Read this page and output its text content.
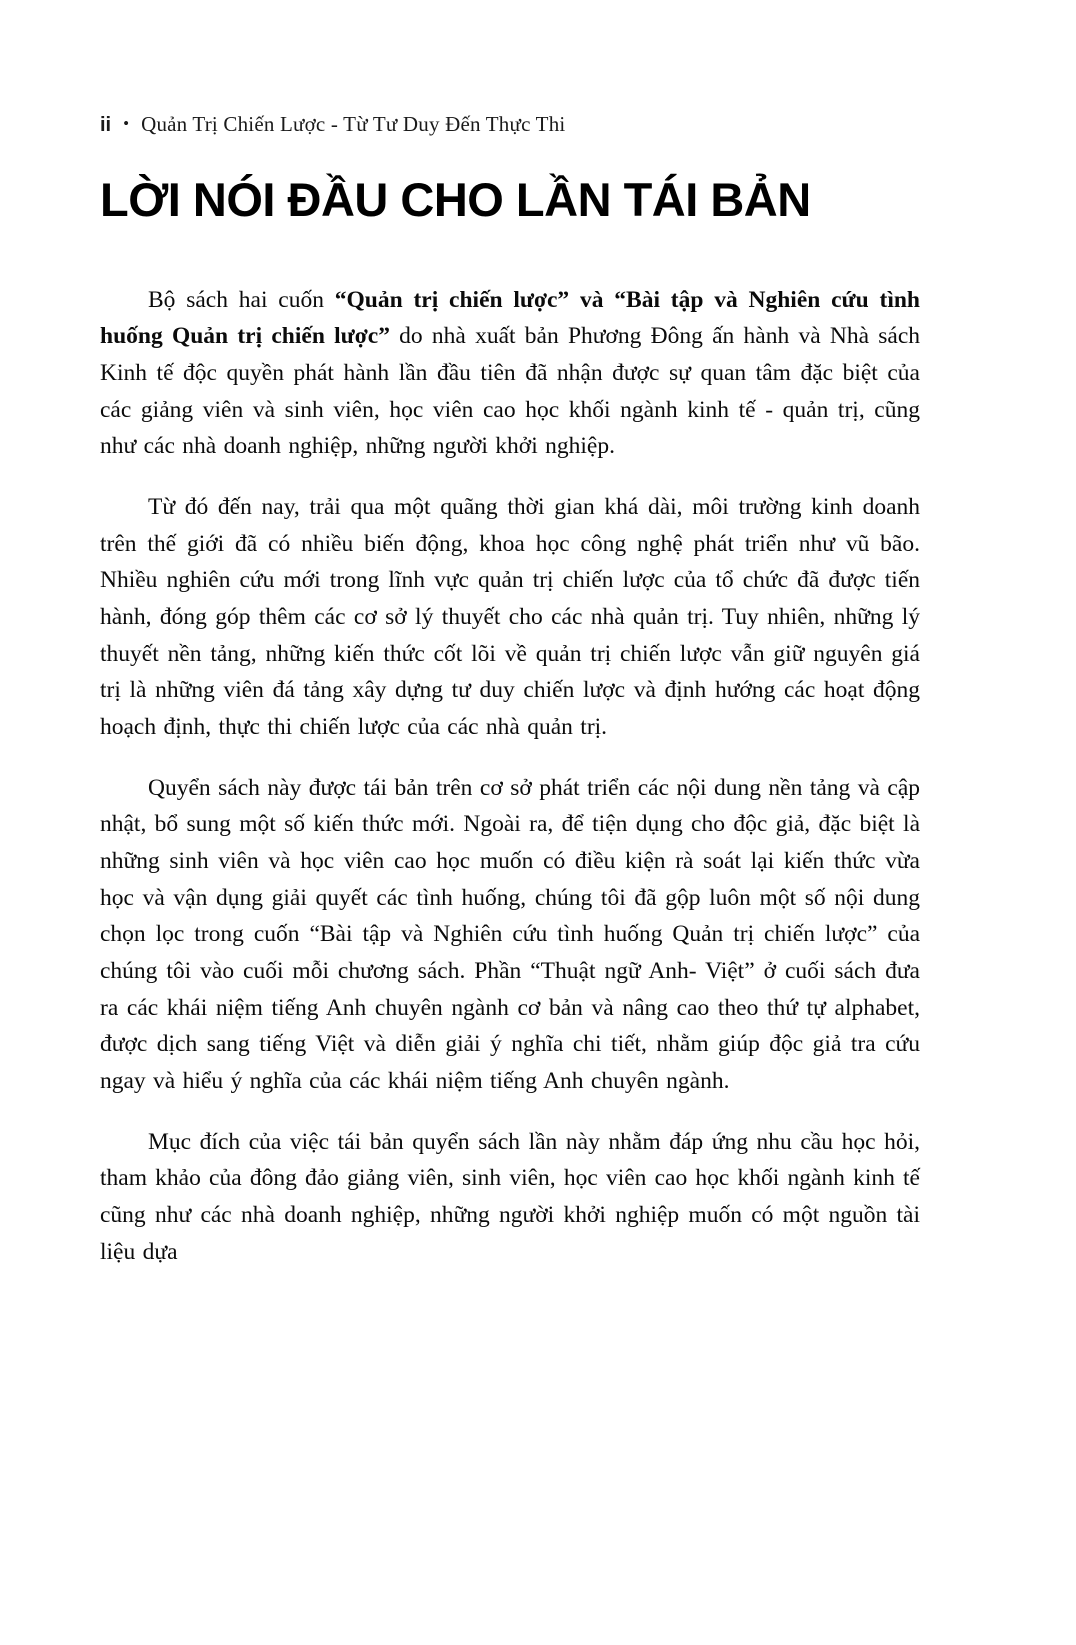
ii • Quản Trị Chiến Lược - Từ Tư Duy Đến Thực Thi
LỜI NÓI ĐẦU CHO LẦN TÁI BẢN

Bộ sách hai cuốn “Quản trị chiến lược” và “Bài tập và Nghiên cứu tình huống Quản trị chiến lược” do nhà xuất bản Phương Đông ấn hành và Nhà sách Kinh tế độc quyền phát hành lần đầu tiên đã nhận được sự quan tâm đặc biệt của các giảng viên và sinh viên, học viên cao học khối ngành kinh tế - quản trị, cũng như các nhà doanh nghiệp, những người khởi nghiệp.

Từ đó đến nay, trải qua một quãng thời gian khá dài, môi trường kinh doanh trên thế giới đã có nhiều biến động, khoa học công nghệ phát triển như vũ bão. Nhiều nghiên cứu mới trong lĩnh vực quản trị chiến lược của tổ chức đã được tiến hành, đóng góp thêm các cơ sở lý thuyết cho các nhà quản trị. Tuy nhiên, những lý thuyết nền tảng, những kiến thức cốt lõi về quản trị chiến lược vẫn giữ nguyên giá trị là những viên đá tảng xây dựng tư duy chiến lược và định hướng các hoạt động hoạch định, thực thi chiến lược của các nhà quản trị.

Quyển sách này được tái bản trên cơ sở phát triển các nội dung nền tảng và cập nhật, bổ sung một số kiến thức mới. Ngoài ra, để tiện dụng cho độc giả, đặc biệt là những sinh viên và học viên cao học muốn có điều kiện rà soát lại kiến thức vừa học và vận dụng giải quyết các tình huống, chúng tôi đã gộp luôn một số nội dung chọn lọc trong cuốn “Bài tập và Nghiên cứu tình huống Quản trị chiến lược” của chúng tôi vào cuối mỗi chương sách. Phần “Thuật ngữ Anh- Việt” ở cuối sách đưa ra các khái niệm tiếng Anh chuyên ngành cơ bản và nâng cao theo thứ tự alphabet, được dịch sang tiếng Việt và diễn giải ý nghĩa chi tiết, nhằm giúp độc giả tra cứu ngay và hiểu ý nghĩa của các khái niệm tiếng Anh chuyên ngành.

Mục đích của việc tái bản quyển sách lần này nhằm đáp ứng nhu cầu học hỏi, tham khảo của đông đảo giảng viên, sinh viên, học viên cao học khối ngành kinh tế cũng như các nhà doanh nghiệp, những người khởi nghiệp muốn có một nguồn tài liệu dựa
